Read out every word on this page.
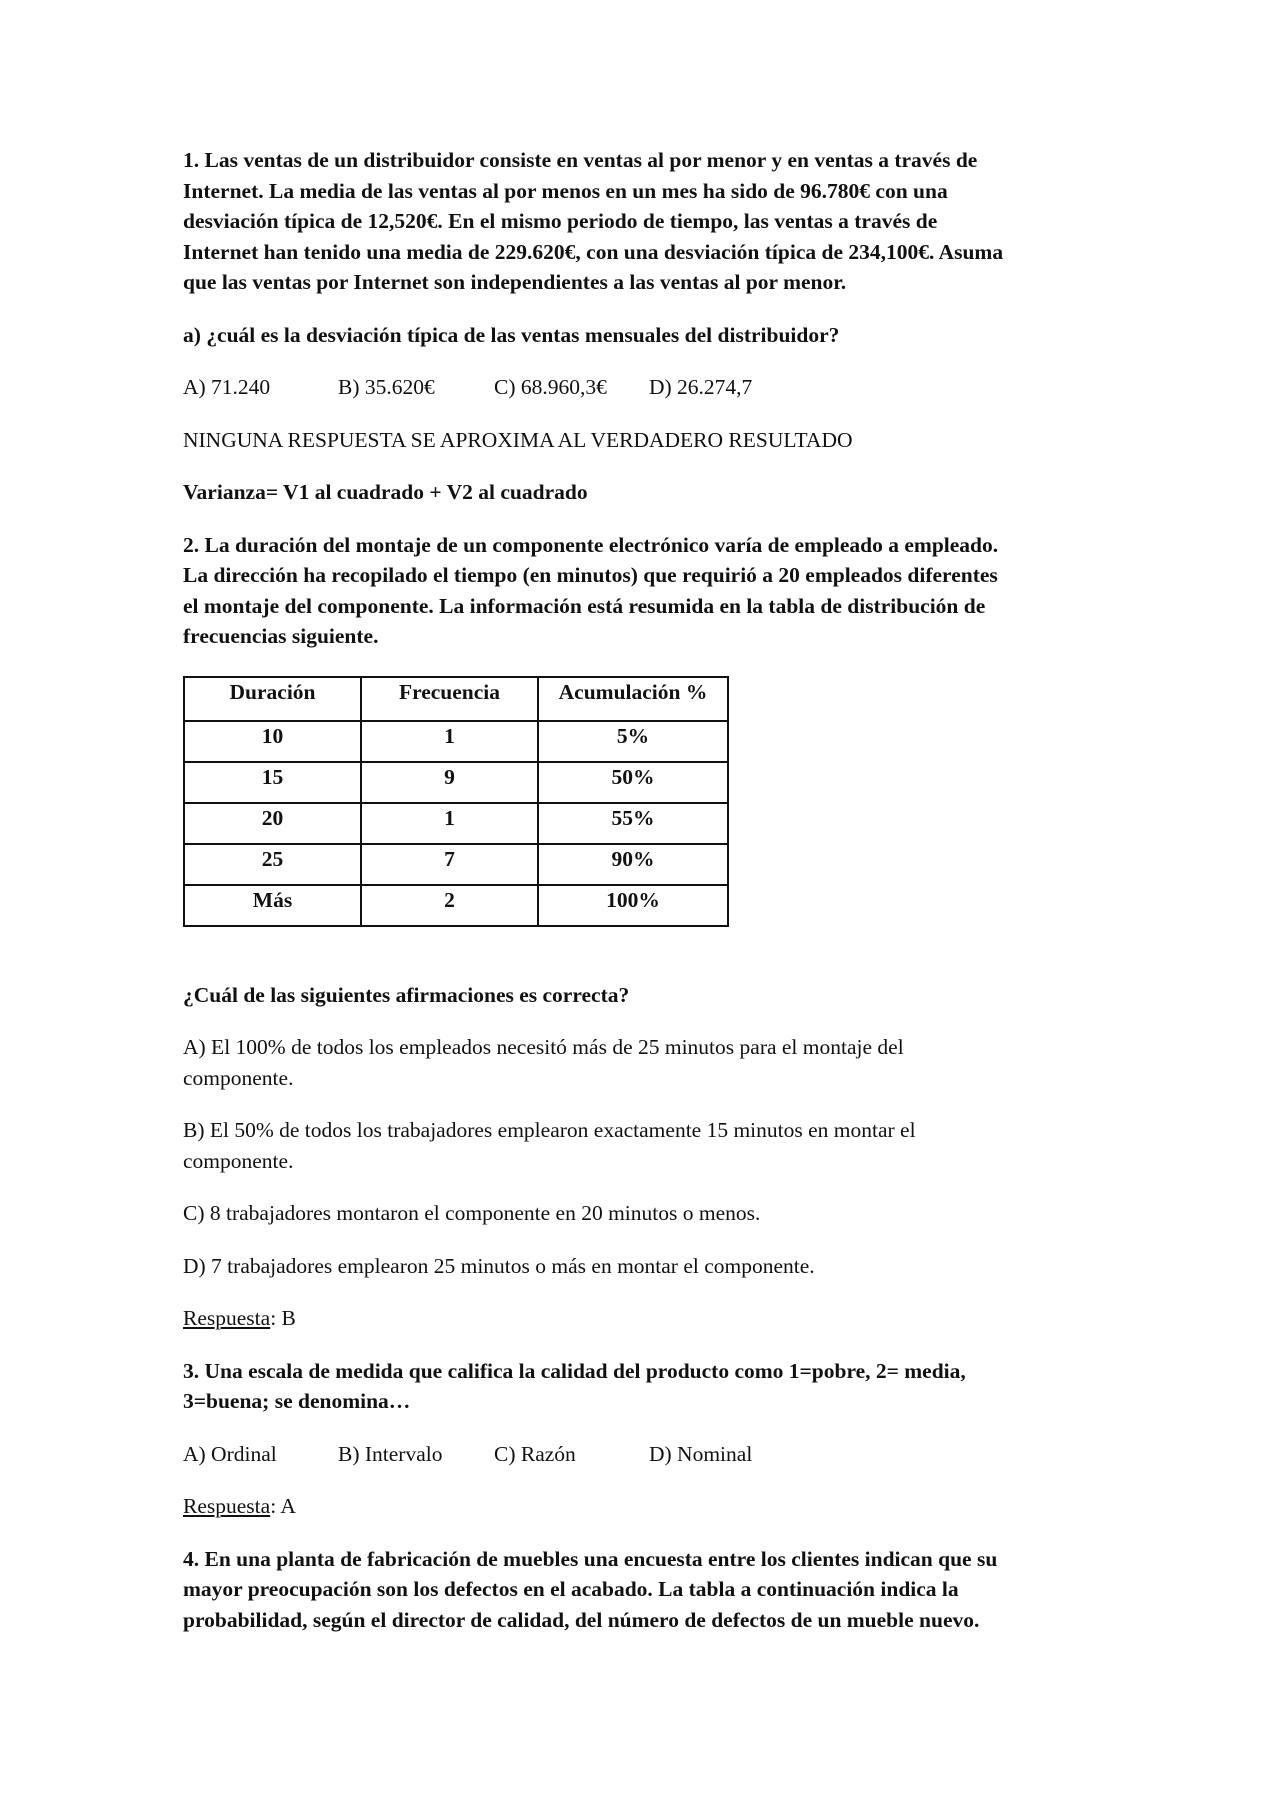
1. Las ventas de un distribuidor consiste en ventas al por menor y en ventas a través de

Internet. La media de las ventas al por menos en un mes ha sido de 96.780€ con una

desviación típica de 12,520€. En el mismo periodo de tiempo, las ventas a través de

Internet han tenido una media de 229.620€, con una desviación típica de 234,100€. Asuma

que las ventas por Internet son independientes a las ventas al por menor.

a) ¿cuál es la desviación típica de las ventas mensuales del distribuidor?

A) 71.240	B) 35.620€	C) 68.960,3€	D) 26.274,7

NINGUNA RESPUESTA SE APROXIMA AL VERDADERO RESULTADO

Varianza= V1 al cuadrado + V2 al cuadrado

2. La duración del montaje de un componente electrónico varía de empleado a empleado.

La dirección ha recopilado el tiempo (en minutos) que requirió a 20 empleados diferentes

el montaje del componente. La información está resumida en la tabla de distribución de

frecuencias siguiente.

Duración	Frecuencia	Acumulación %
10	1	5%
15	9	50%
20	1	55%
25	7	90%
Más	2	100%

¿Cuál de las siguientes afirmaciones es correcta?

A) El 100% de todos los empleados necesitó más de 25 minutos para el montaje del

componente.

B) El 50% de todos los trabajadores emplearon exactamente 15 minutos en montar el

componente.

C) 8 trabajadores montaron el componente en 20 minutos o menos.

D) 7 trabajadores emplearon 25 minutos o más en montar el componente.

Respuesta: B

3. Una escala de medida que califica la calidad del producto como 1=pobre, 2= media,

3=buena; se denomina…

A) Ordinal	B) Intervalo	C) Razón	D) Nominal

Respuesta: A

4. En una planta de fabricación de muebles una encuesta entre los clientes indican que su

mayor preocupación son los defectos en el acabado. La tabla a continuación indica la

probabilidad, según el director de calidad, del número de defectos de un mueble nuevo.
